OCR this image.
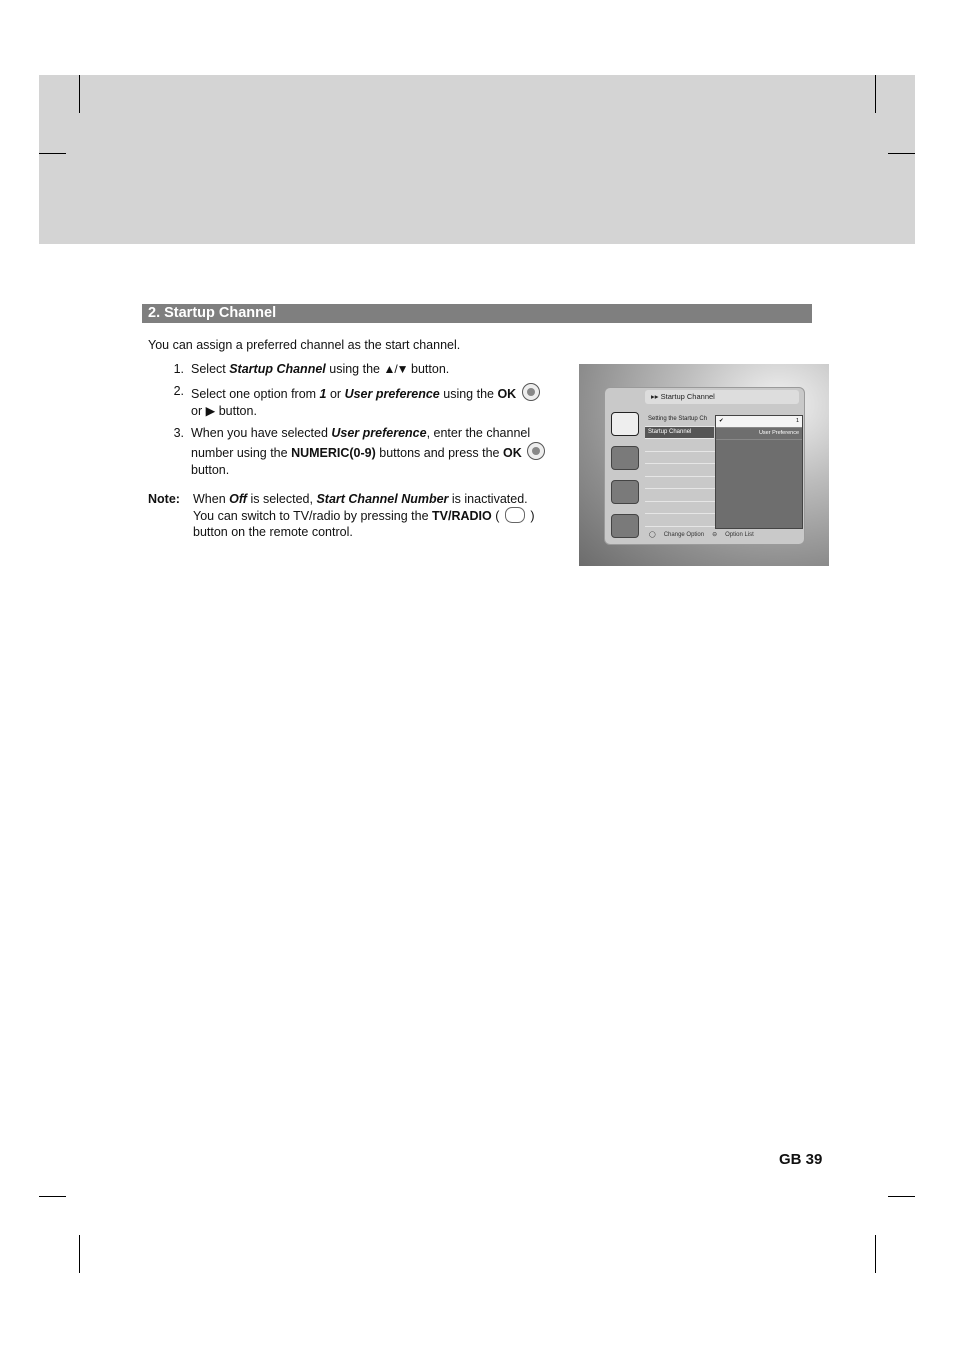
2. Startup Channel
You can assign a preferred channel as the start channel.
1. Select Startup Channel using the ▲/▼ button.
2. Select one option from 1 or User preference using the OK
or ▶ button.
3. When you have selected User preference, enter the channel number using the NUMERIC(0-9) buttons and press the OK
button.
Note:	When Off is selected, Start Channel Number is inactivated. You can switch to TV/radio by pressing the TV/RADIO (  ) button on the remote control.
▸▸ Startup Channel
Setting the Startup Ch
Startup Channel
✔	1
User Preference
◯ Change Option ⊖ Option List
GB 39
